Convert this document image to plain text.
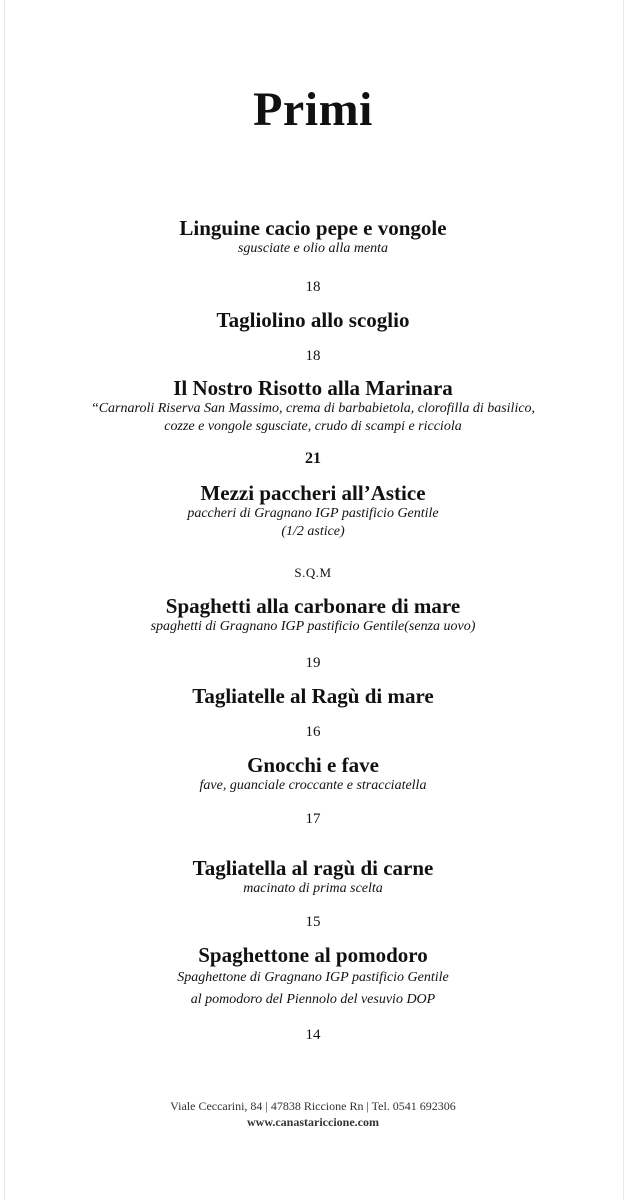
Primi
Linguine cacio pepe e vongole
sgusciate e olio alla menta
18
Tagliolino allo scoglio
18
Il Nostro Risotto alla Marinara
“Carnaroli Riserva San Massimo, crema di barbabietola, clorofilla di basilico,
cozze e vongole sgusciate, crudo di scampi e ricciola
21
Mezzi paccheri all’Astice
paccheri di Gragnano IGP pastificio Gentile
(1/2 astice)
S.Q.M
Spaghetti alla carbonare di mare
spaghetti di Gragnano IGP pastificio Gentile(senza uovo)
19
Tagliatelle al Ragù di mare
16
Gnocchi e fave
fave, guanciale croccante e stracciatella
17
Tagliatella al ragù di carne
macinato di prima scelta
15
Spaghettone al pomodoro
Spaghettone di Gragnano IGP pastificio Gentile
al pomodoro del Piennolo del vesuvio DOP
14
Viale Ceccarini, 84 | 47838 Riccione Rn | Tel. 0541 692306
www.canastariccione.com
